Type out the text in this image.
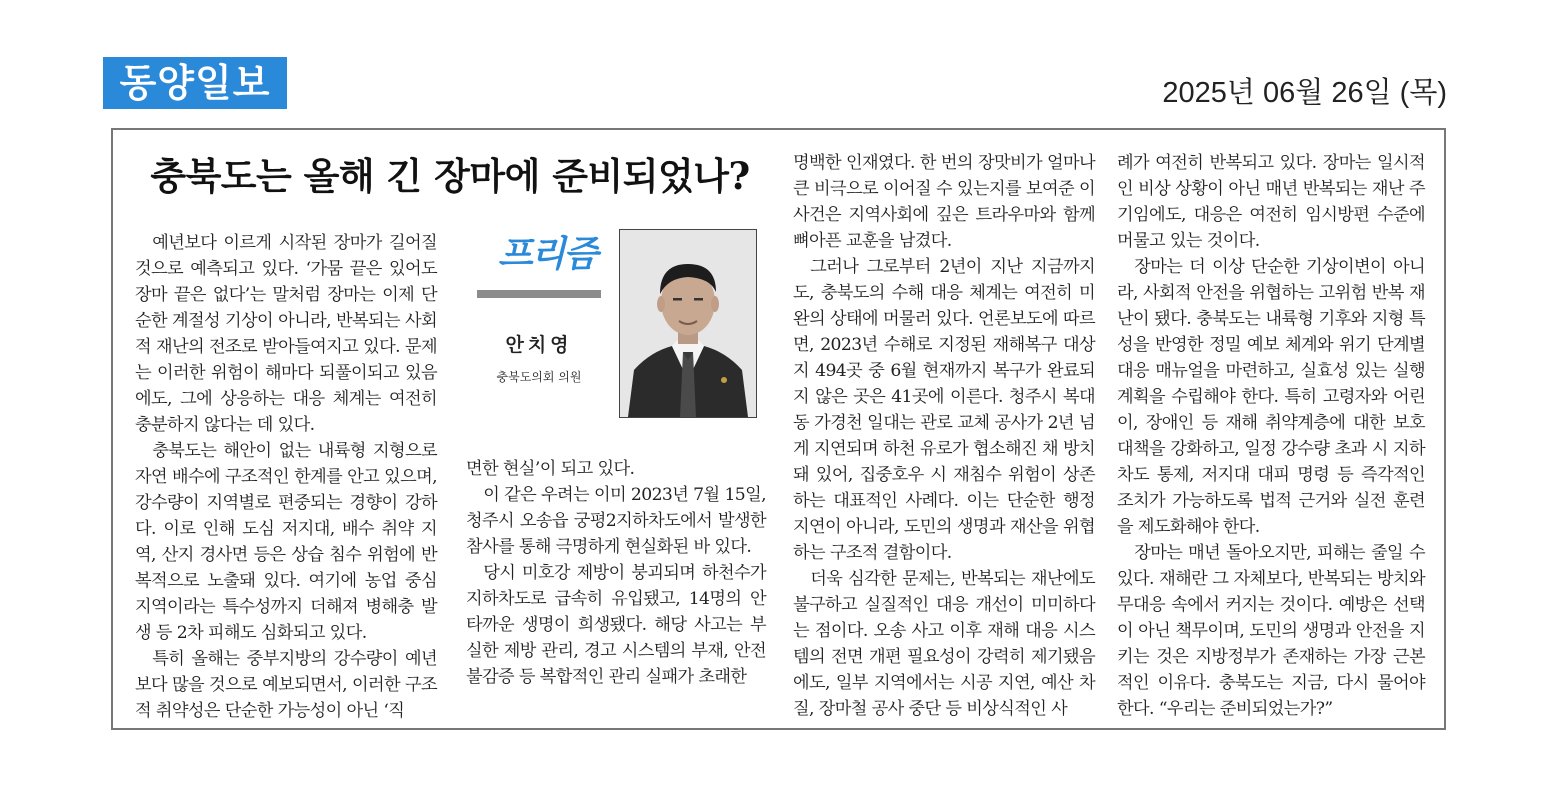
동양일보	2025년 06월 26일 (목)
충북도는 올해 긴 장마에 준비되었나?

예년보다 이르게 시작된 장마가 길어질 것으로 예측되고 있다. ‘가뭄 끝은 있어도 장마 끝은 없다’는 말처럼 장마는 이제 단순한 계절성 기상이 아니라, 반복되는 사회적 재난의 전조로 받아들여지고 있다. 문제는 이러한 위험이 해마다 되풀이되고 있음에도, 그에 상응하는 대응 체계는 여전히 충분하지 않다는 데 있다.

충북도는 해안이 없는 내륙형 지형으로 자연 배수에 구조적인 한계를 안고 있으며, 강수량이 지역별로 편중되는 경향이 강하다. 이로 인해 도심 저지대, 배수 취약 지역, 산지 경사면 등은 상습 침수 위험에 반복적으로 노출돼 있다. 여기에 농업 중심 지역이라는 특수성까지 더해져 병해충 발생 등 2차 피해도 심화되고 있다.

특히 올해는 중부지방의 강수량이 예년보다 많을 것으로 예보되면서, 이러한 구조적 취약성은 단순한 가능성이 아닌 ‘직

프리즘
안치영
충북도의회 의원

면한 현실’이 되고 있다.

이 같은 우려는 이미 2023년 7월 15일, 청주시 오송읍 궁평2지하차도에서 발생한 참사를 통해 극명하게 현실화된 바 있다.

당시 미호강 제방이 붕괴되며 하천수가 지하차도로 급속히 유입됐고, 14명의 안타까운 생명이 희생됐다. 해당 사고는 부실한 제방 관리, 경고 시스템의 부재, 안전불감증 등 복합적인 관리 실패가 초래한

명백한 인재였다. 한 번의 장맛비가 얼마나 큰 비극으로 이어질 수 있는지를 보여준 이 사건은 지역사회에 깊은 트라우마와 함께 뼈아픈 교훈을 남겼다.

그러나 그로부터 2년이 지난 지금까지도, 충북도의 수해 대응 체계는 여전히 미완의 상태에 머물러 있다. 언론보도에 따르면, 2023년 수해로 지정된 재해복구 대상지 494곳 중 6월 현재까지 복구가 완료되지 않은 곳은 41곳에 이른다. 청주시 복대동 가경천 일대는 관로 교체 공사가 2년 넘게 지연되며 하천 유로가 협소해진 채 방치돼 있어, 집중호우 시 재침수 위험이 상존하는 대표적인 사례다. 이는 단순한 행정 지연이 아니라, 도민의 생명과 재산을 위협하는 구조적 결함이다.

더욱 심각한 문제는, 반복되는 재난에도 불구하고 실질적인 대응 개선이 미미하다는 점이다. 오송 사고 이후 재해 대응 시스템의 전면 개편 필요성이 강력히 제기됐음에도, 일부 지역에서는 시공 지연, 예산 차질, 장마철 공사 중단 등 비상식적인 사

례가 여전히 반복되고 있다. 장마는 일시적인 비상 상황이 아닌 매년 반복되는 재난 주기임에도, 대응은 여전히 임시방편 수준에 머물고 있는 것이다.

장마는 더 이상 단순한 기상이변이 아니라, 사회적 안전을 위협하는 고위험 반복 재난이 됐다. 충북도는 내륙형 기후와 지형 특성을 반영한 정밀 예보 체계와 위기 단계별 대응 매뉴얼을 마련하고, 실효성 있는 실행계획을 수립해야 한다. 특히 고령자와 어린이, 장애인 등 재해 취약계층에 대한 보호 대책을 강화하고, 일정 강수량 초과 시 지하차도 통제, 저지대 대피 명령 등 즉각적인 조치가 가능하도록 법적 근거와 실전 훈련을 제도화해야 한다.

장마는 매년 돌아오지만, 피해는 줄일 수 있다. 재해란 그 자체보다, 반복되는 방치와 무대응 속에서 커지는 것이다. 예방은 선택이 아닌 책무이며, 도민의 생명과 안전을 지키는 것은 지방정부가 존재하는 가장 근본적인 이유다. 충북도는 지금, 다시 물어야 한다. “우리는 준비되었는가?”
